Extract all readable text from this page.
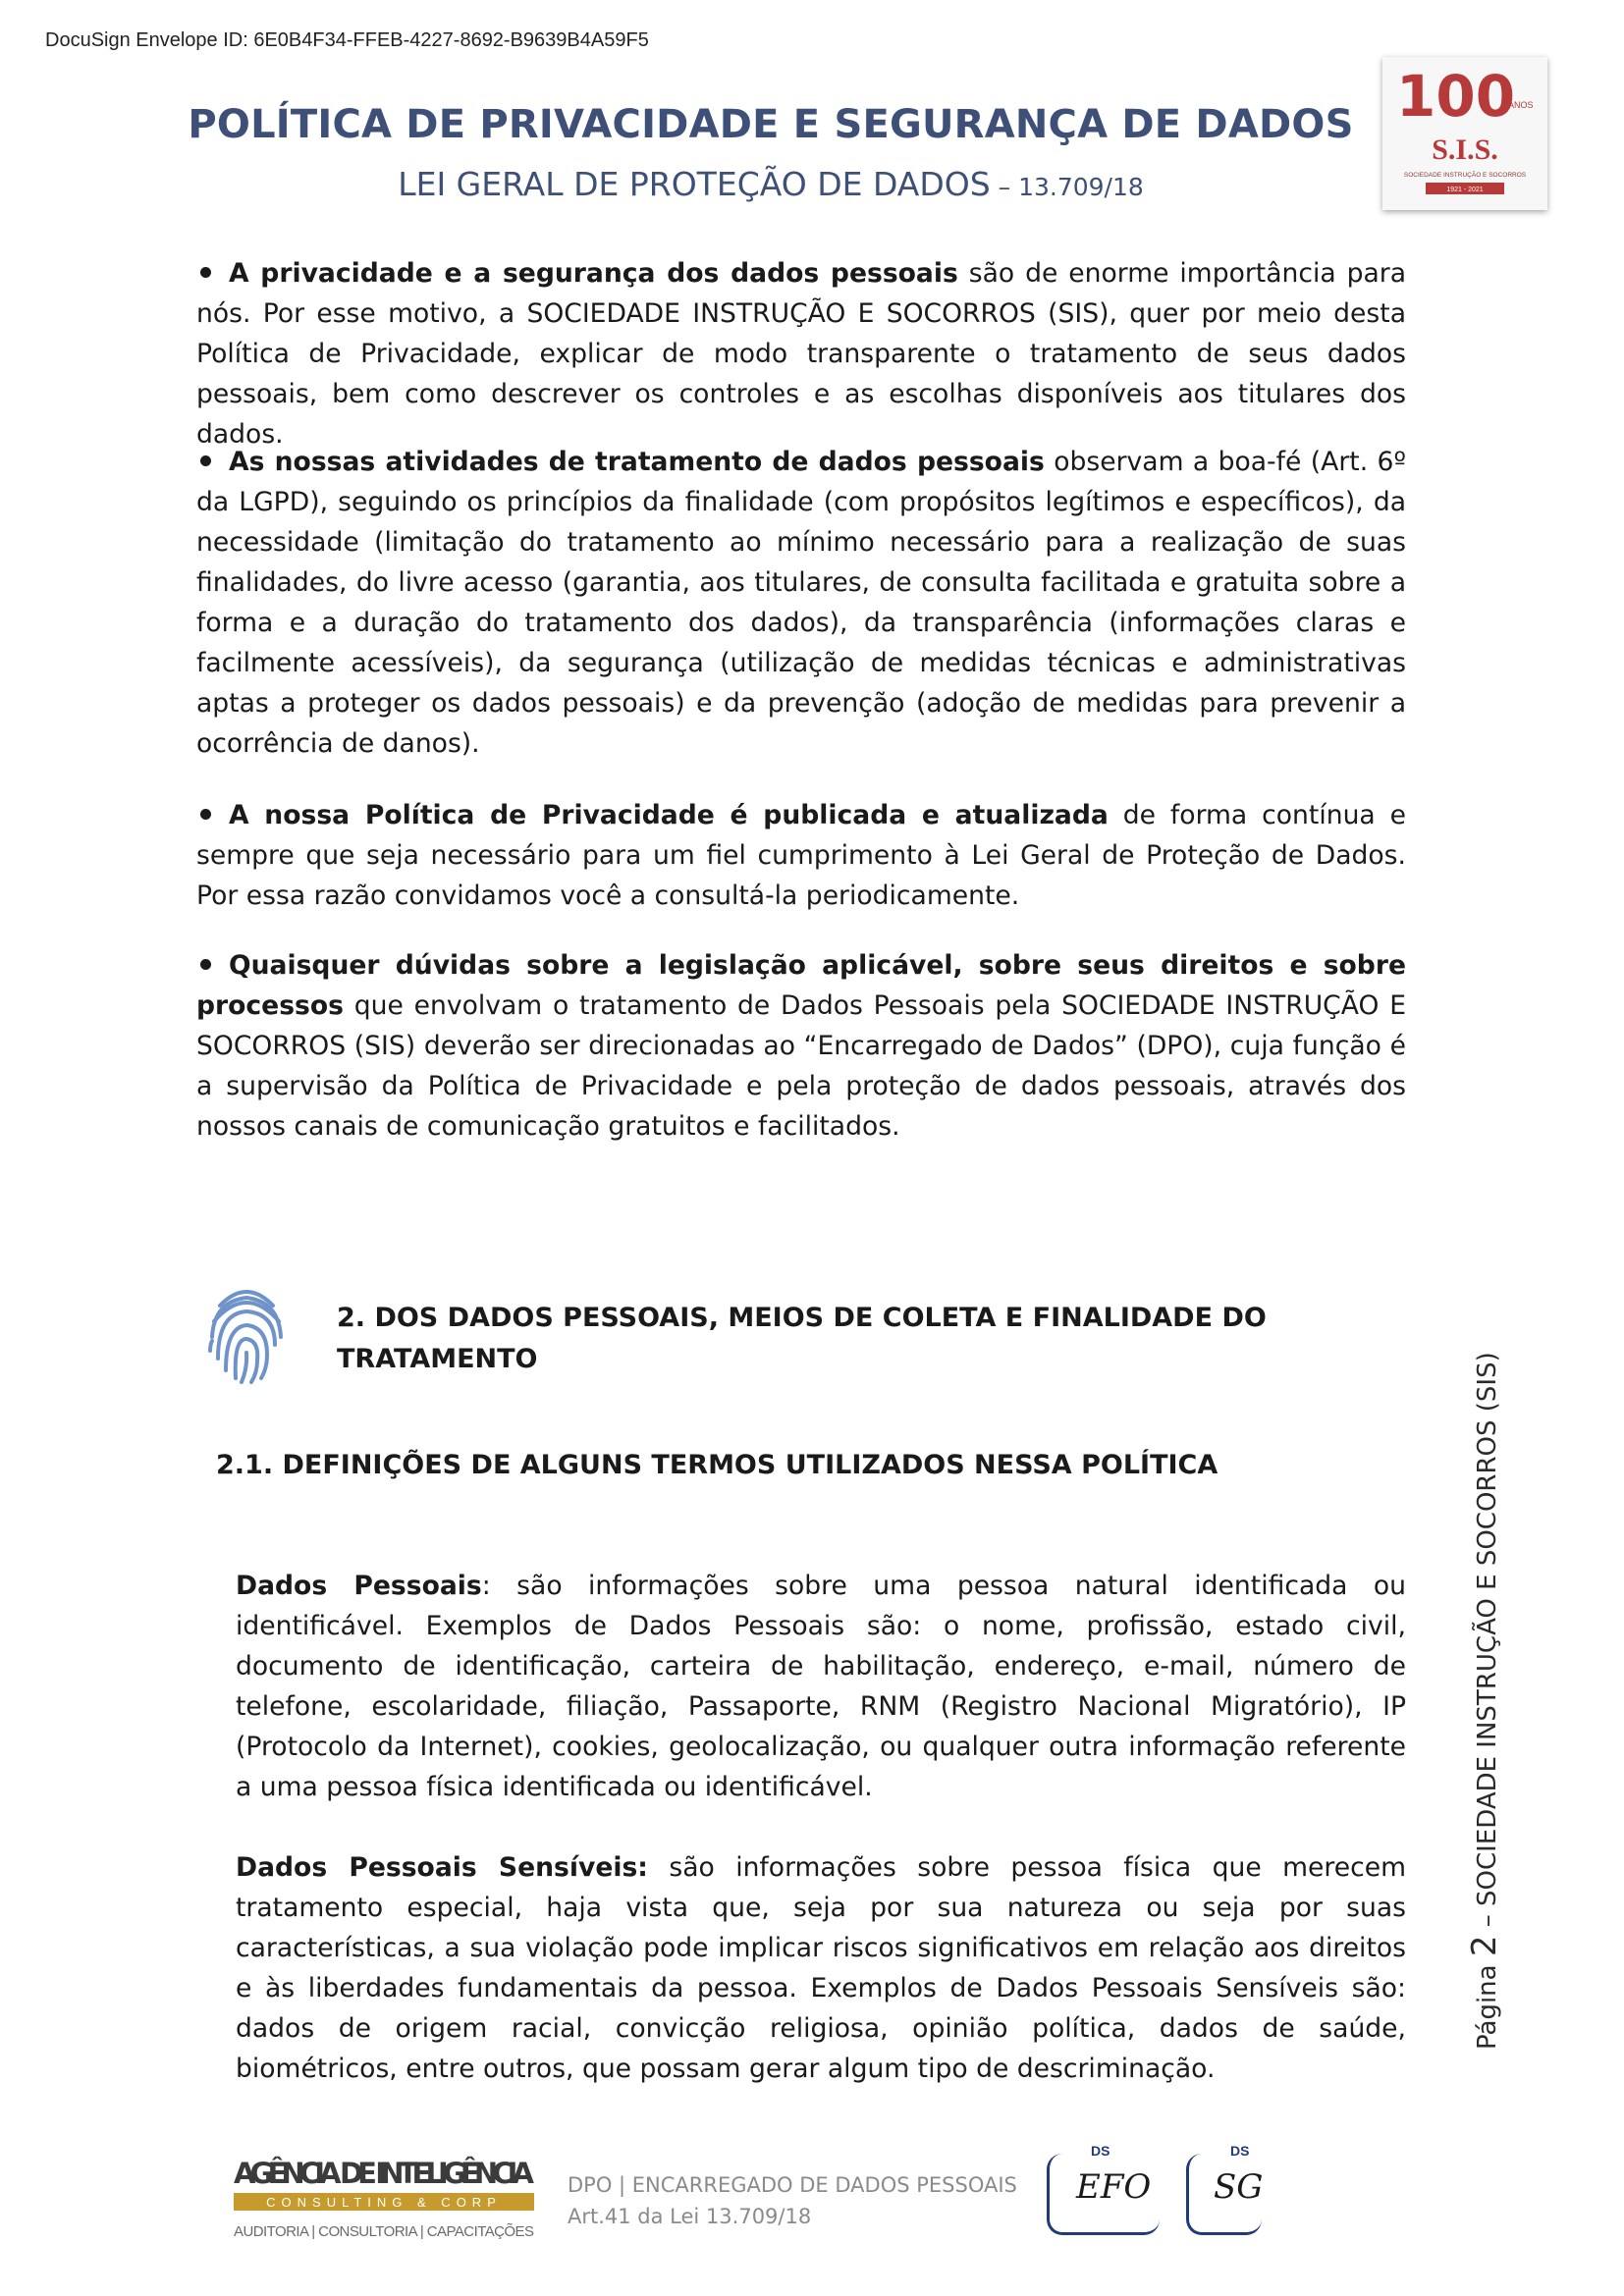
DocuSign Envelope ID: 6E0B4F34-FFEB-4227-8692-B9639B4A59F5
POLÍTICA DE PRIVACIDADE E SEGURANÇA DE DADOS
LEI GERAL DE PROTEÇÃO DE DADOS – 13.709/18
100
ANOS
S.I.S.
SOCIEDADE INSTRUÇÃO E SOCORROS
1921 - 2021
A privacidade e a segurança dos dados pessoais são de enorme importância para nós. Por esse motivo, a SOCIEDADE INSTRUÇÃO E SOCORROS (SIS), quer por meio desta Política de Privacidade, explicar de modo transparente o tratamento de seus dados pessoais, bem como descrever os controles e as escolhas disponíveis aos titulares dos dados.
As nossas atividades de tratamento de dados pessoais observam a boa-fé (Art. 6º da LGPD), seguindo os princípios da finalidade (com propósitos legítimos e específicos), da necessidade (limitação do tratamento ao mínimo necessário para a realização de suas finalidades, do livre acesso (garantia, aos titulares, de consulta facilitada e gratuita sobre a forma e a duração do tratamento dos dados), da transparência (informações claras e facilmente acessíveis), da segurança (utilização de medidas técnicas e administrativas aptas a proteger os dados pessoais) e da prevenção (adoção de medidas para prevenir a ocorrência de danos).
A nossa Política de Privacidade é publicada e atualizada de forma contínua e sempre que seja necessário para um fiel cumprimento à Lei Geral de Proteção de Dados. Por essa razão convidamos você a consultá-la periodicamente.
Quaisquer dúvidas sobre a legislação aplicável, sobre seus direitos e sobre processos que envolvam o tratamento de Dados Pessoais pela SOCIEDADE INSTRUÇÃO E SOCORROS (SIS) deverão ser direcionadas ao “Encarregado de Dados” (DPO), cuja função é a supervisão da Política de Privacidade e pela proteção de dados pessoais, através dos nossos canais de comunicação gratuitos e facilitados.
2. DOS DADOS PESSOAIS, MEIOS DE COLETA E FINALIDADE DO
TRATAMENTO
2.1. DEFINIÇÕES DE ALGUNS TERMOS UTILIZADOS NESSA POLÍTICA
Dados Pessoais: são informações sobre uma pessoa natural identificada ou identificável. Exemplos de Dados Pessoais são: o nome, profissão, estado civil, documento de identificação, carteira de habilitação, endereço, e-mail, número de telefone, escolaridade, filiação, Passaporte, RNM (Registro Nacional Migratório), IP (Protocolo da Internet), cookies, geolocalização, ou qualquer outra informação referente a uma pessoa física identificada ou identificável.
Dados Pessoais Sensíveis: são informações sobre pessoa física que merecem tratamento especial, haja vista que, seja por sua natureza ou seja por suas características, a sua violação pode implicar riscos significativos em relação aos direitos e às liberdades fundamentais da pessoa. Exemplos de Dados Pessoais Sensíveis são: dados de origem racial, convicção religiosa, opinião política, dados de saúde, biométricos, entre outros, que possam gerar algum tipo de descriminação.
Página 2 – SOCIEDADE INSTRUÇÃO E SOCORROS (SIS)
AGÊNCIA DE INTELIGÊNCIA
CONSULTING & CORP
AUDITORIA | CONSULTORIA | CAPACITAÇÕES
DPO | ENCARREGADO DE DADOS PESSOAIS
Art.41 da Lei 13.709/18
DS
EFO
DS
SG
